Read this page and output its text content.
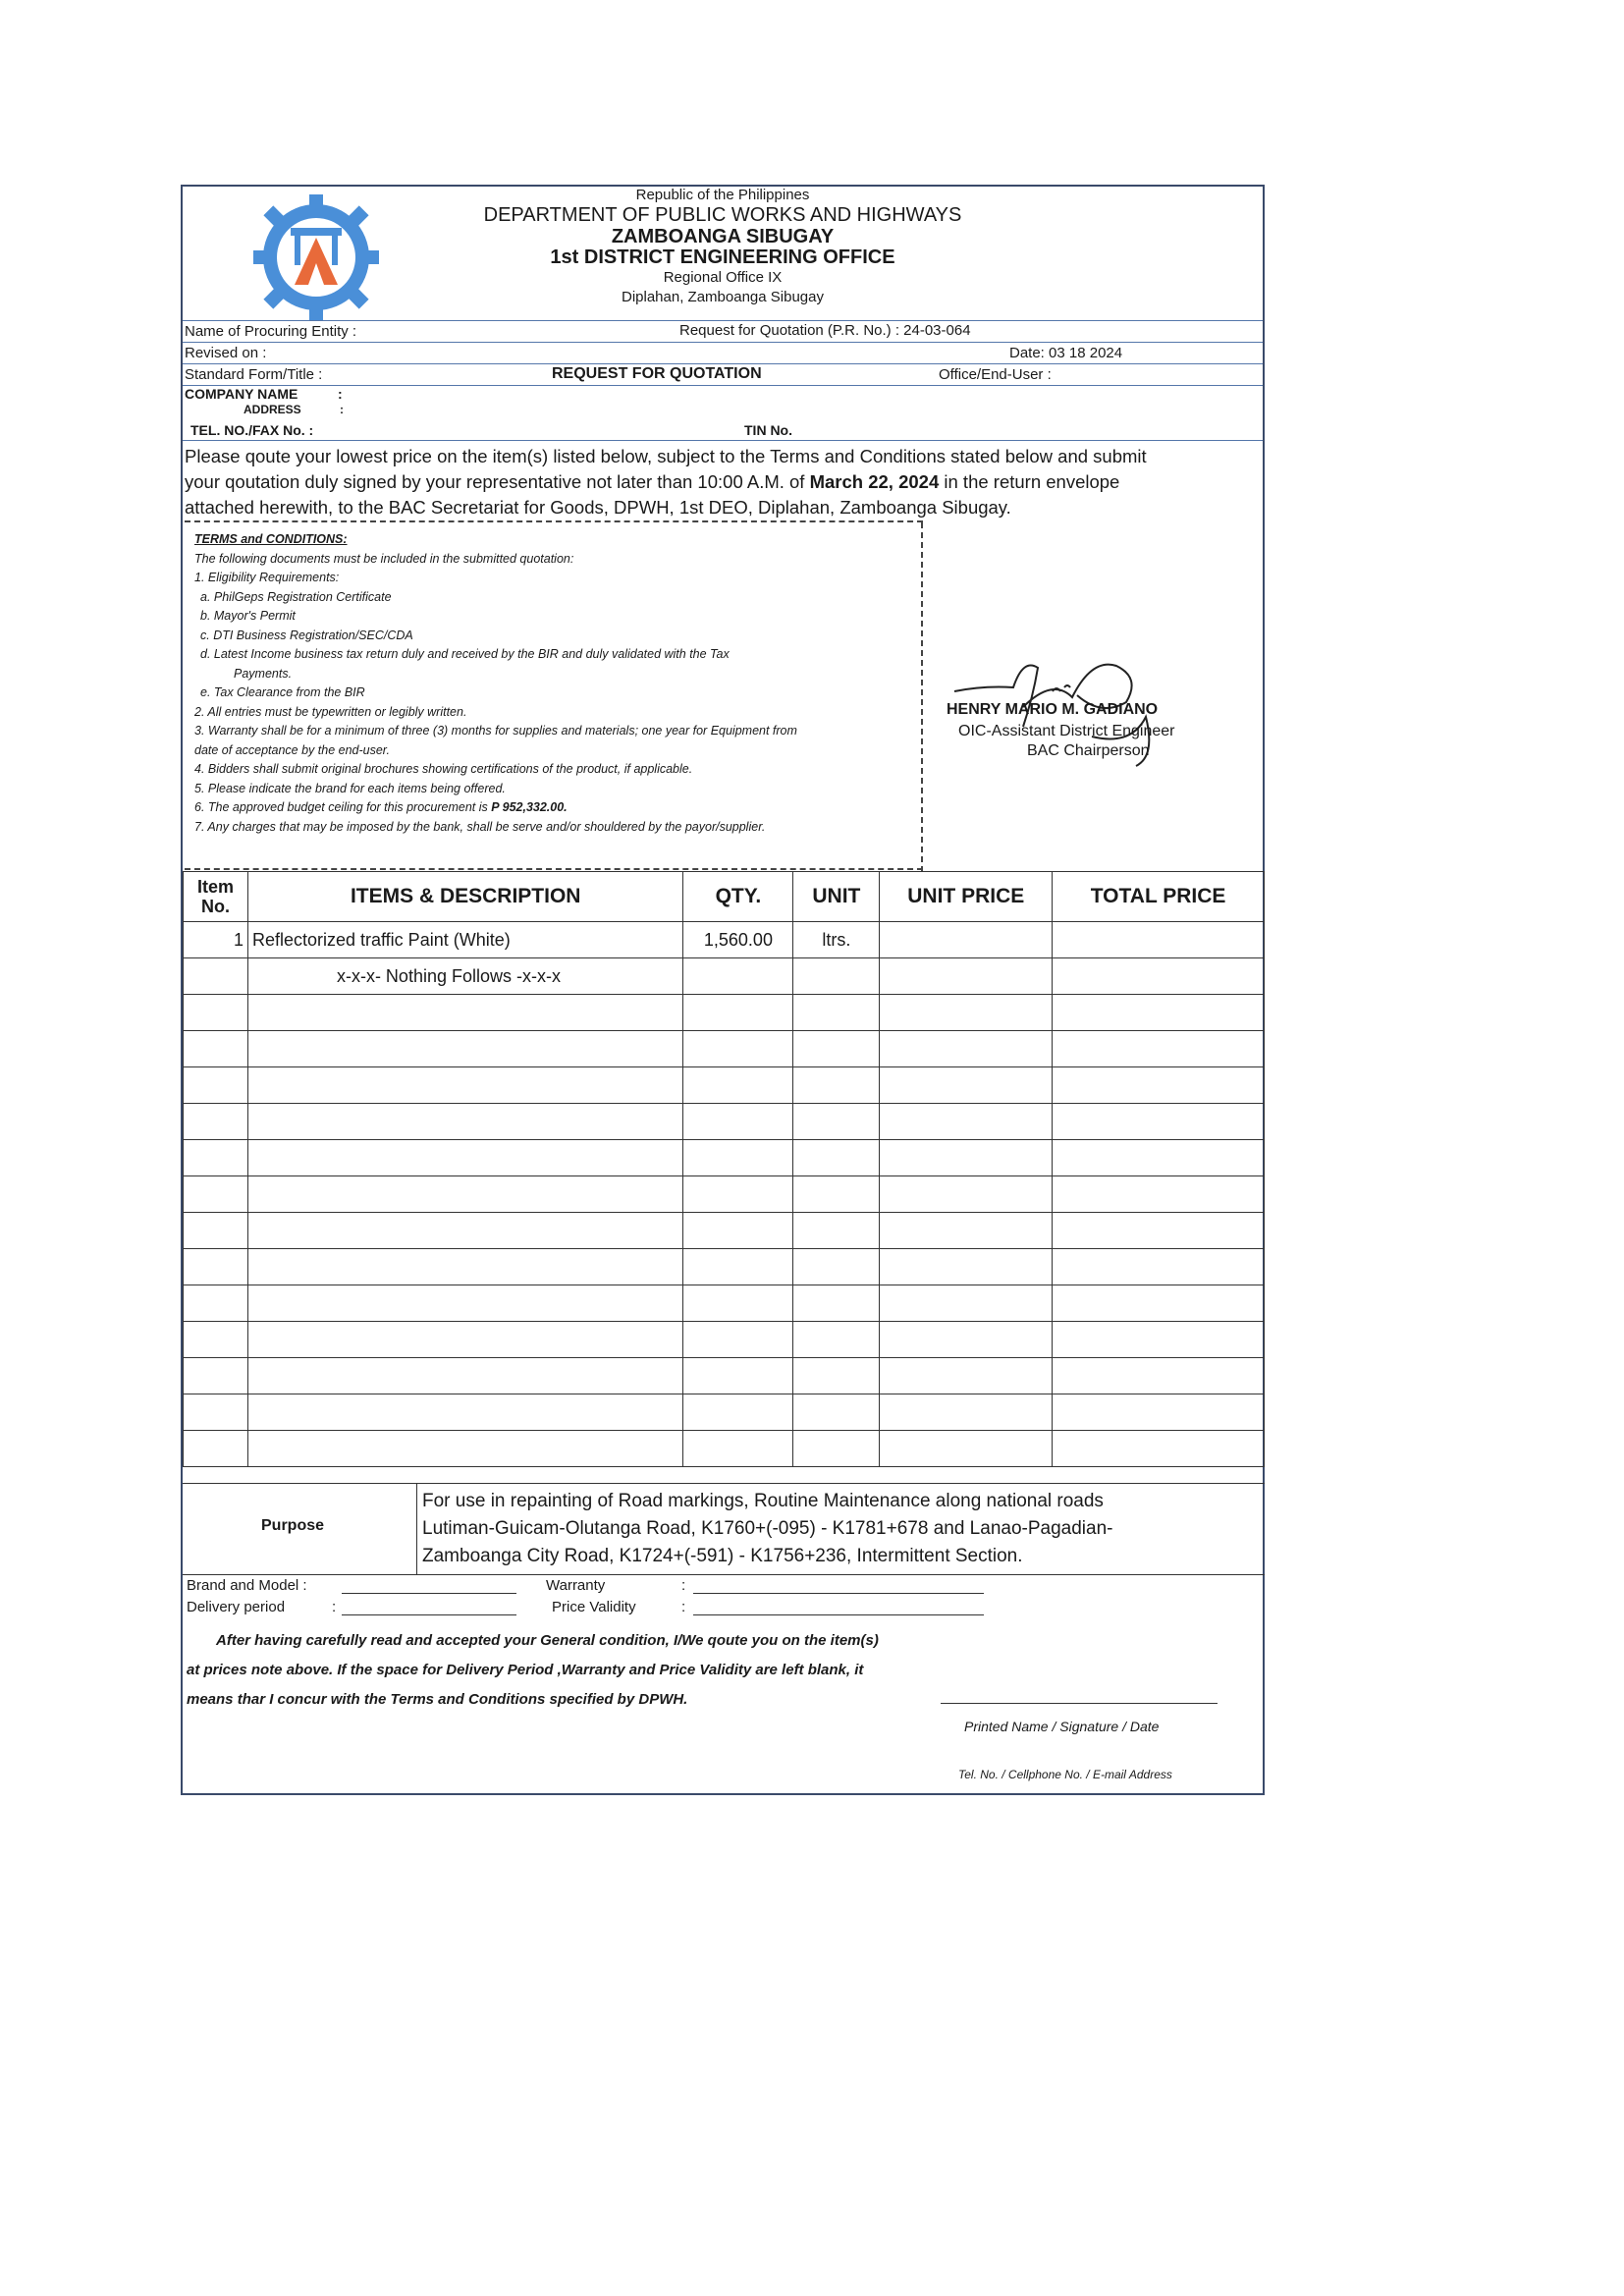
Republic of the Philippines
DEPARTMENT OF PUBLIC WORKS AND HIGHWAYS
ZAMBOANGA SIBUGAY
1st DISTRICT ENGINEERING OFFICE
Regional Office IX
Diplahan, Zamboanga Sibugay
Name of Procuring Entity :	Request for Quotation (P.R. No.) : 24-03-064
Revised on :	Date: 03 18 2024
Standard Form/Title :	REQUEST FOR QUOTATION	Office/End-User :
COMPANY NAME	:
ADDRESS	:
TEL. NO./FAX No. :	TIN No.
Please qoute your lowest price on the item(s) listed below, subject to the Terms and Conditions stated below and submit
your qoutation duly signed by your representative not later than 10:00 A.M. of March 22, 2024 in the return envelope
attached herewith, to the BAC Secretariat for Goods, DPWH, 1st DEO, Diplahan, Zamboanga Sibugay.
TERMS and CONDITIONS:
The following documents must be included in the submitted quotation:
1. Eligibility Requirements:
a. PhilGeps Registration Certificate
b. Mayor's Permit
c. DTI Business Registration/SEC/CDA
d. Latest Income business tax return duly and received by the BIR and duly validated with the Tax
Payments.
e. Tax Clearance from the BIR
2. All entries must be typewritten or legibly written.
3. Warranty shall be for a minimum of three (3) months for supplies and materials; one year for Equipment from
date of acceptance by the end-user.
4. Bidders shall submit original brochures showing certifications of the product, if applicable.
5. Please indicate the brand for each items being offered.
6. The approved budget ceiling for this procurement is P 952,332.00.
7. Any charges that may be imposed by the bank, shall be serve and/or shouldered by the payor/supplier.
HENRY MARIO M. GADIANO
OIC-Assistant District Engineer
BAC Chairperson
Item No.	ITEMS & DESCRIPTION	QTY.	UNIT	UNIT PRICE	TOTAL PRICE
1	Reflectorized traffic Paint (White)	1,560.00	ltrs.		
	x-x-x- Nothing Follows -x-x-x				

Purpose
For use in repainting of Road markings, Routine Maintenance along national roads
Lutiman-Guicam-Olutanga Road, K1760+(-095) - K1781+678 and Lanao-Pagadian-
Zamboanga City Road, K1724+(-591) - K1756+236, Intermittent Section.
Brand and Model :	Warranty	:
Delivery period	:	Price Validity	:
After having carefully read and accepted your General condition, I/We qoute you on the item(s)
at prices note above. If the space for Delivery Period ,Warranty and Price Validity are left blank, it
means thar I concur with the Terms and Conditions specified by DPWH.
Printed Name / Signature / Date
Tel. No. / Cellphone No. / E-mail Address
